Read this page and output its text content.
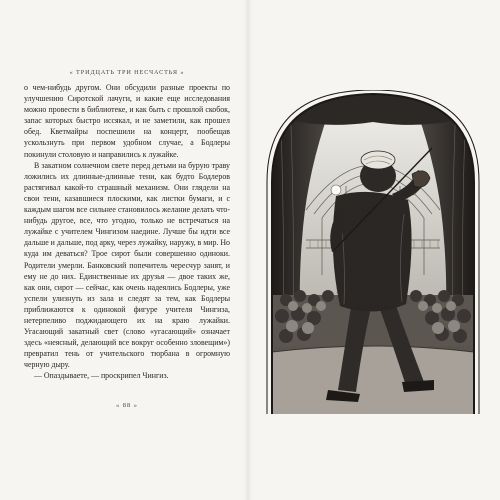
« ТРИДЦАТЬ ТРИ НЕСЧАСТЬЯ »

о чем-нибудь другом. Они обсудили разные проекты по улучшению Сиротской лачуги, и какие еще исследования можно провести в библиотеке, и как быть с прошлой скобок, запас которых быстро иссякал, и не заметили, как прошел обед. Кветмайры поспешили на концерт, пообещав ускользнуть при первом удобном случае, а Бодлеры покинули столовую и направились к лужайке.

В закатном солнечном свете перед детьми на бурую траву ложились их длинные-длинные тени, как будто Бодлеров растягивал какой-то страшный механизм. Они глядели на свои тени, казавшиеся плоскими, как листки бумаги, и с каждым шагом все сильнее становилось желание делать что-нибудь другое, все, что угодно, только не встречаться на лужайке с учителем Чингизом наедине. Лучше бы идти все дальше и дальше, под арку, через лужайку, наружу, в мир. Но куда им деваться? Трое сирот были совершенно одиноки. Родители умерли. Банковский попечитель чересчур занят, и ему не до них. Единственные их друзья — двое таких же, как они, сирот — сейчас, как очень надеялись Бодлеры, уже успели улизнуть из зала и следят за тем, как Бодлеры приближаются к одинокой фигуре учителя Чингиза, нетерпеливо поджидающего их на краю лужайки. Угасающий закатный свет (слово «угасающий» означает здесь «неясный, делающий все вокруг особенно зловещим») превратил тень от учительского тюрбана в огромную черную дыру.

— Опаздываете, — проскрипел Чингиз.

« 88 »
